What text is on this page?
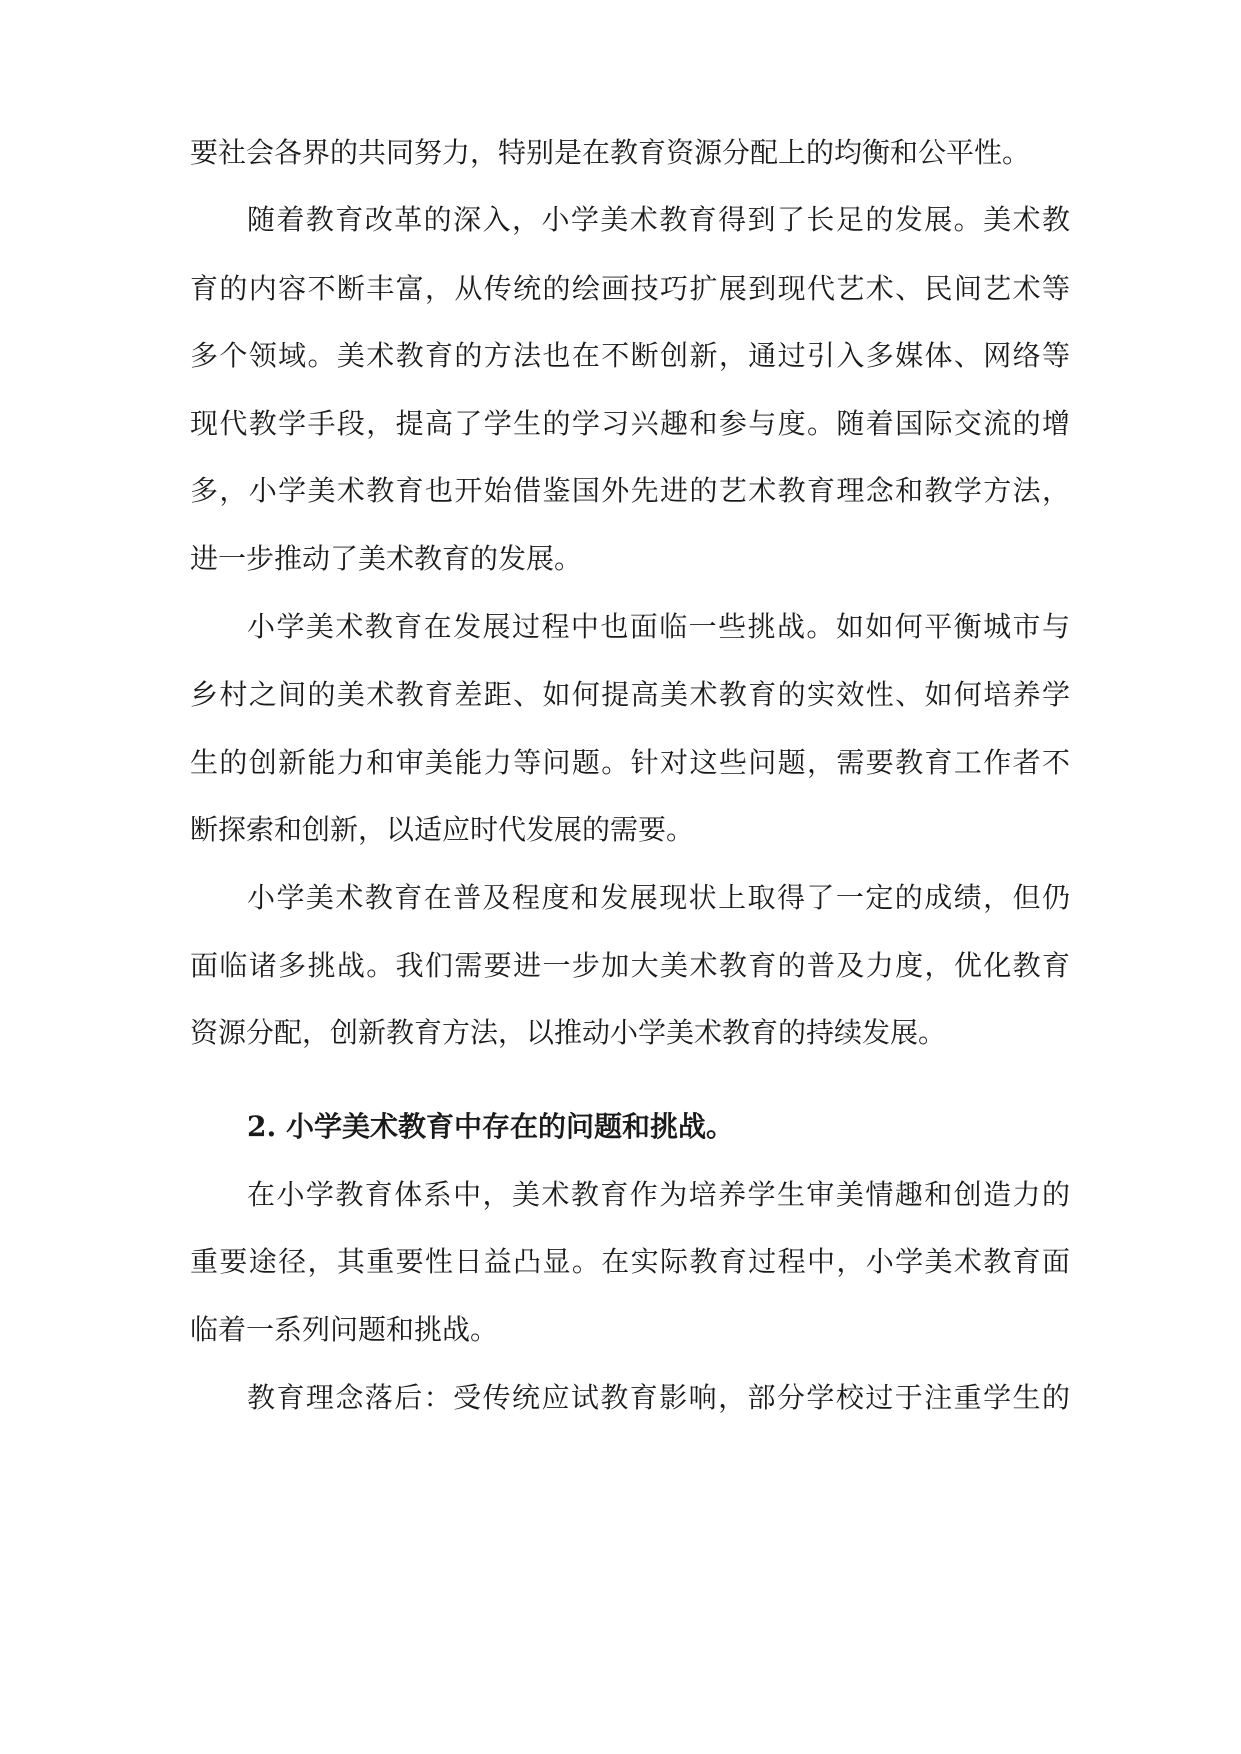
要社会各界的共同努力，特别是在教育资源分配上的均衡和公平性。

随着教育改革的深入，小学美术教育得到了长足的发展。美术教

育的内容不断丰富，从传统的绘画技巧扩展到现代艺术、民间艺术等

多个领域。美术教育的方法也在不断创新，通过引入多媒体、网络等

现代教学手段，提高了学生的学习兴趣和参与度。随着国际交流的增

多，小学美术教育也开始借鉴国外先进的艺术教育理念和教学方法，

进一步推动了美术教育的发展。

小学美术教育在发展过程中也面临一些挑战。如如何平衡城市与

乡村之间的美术教育差距、如何提高美术教育的实效性、如何培养学

生的创新能力和审美能力等问题。针对这些问题，需要教育工作者不

断探索和创新，以适应时代发展的需要。

小学美术教育在普及程度和发展现状上取得了一定的成绩，但仍

面临诸多挑战。我们需要进一步加大美术教育的普及力度，优化教育

资源分配，创新教育方法，以推动小学美术教育的持续发展。

2. 小学美术教育中存在的问题和挑战。

在小学教育体系中，美术教育作为培养学生审美情趣和创造力的

重要途径，其重要性日益凸显。在实际教育过程中，小学美术教育面

临着一系列问题和挑战。

教育理念落后：受传统应试教育影响，部分学校过于注重学生的
